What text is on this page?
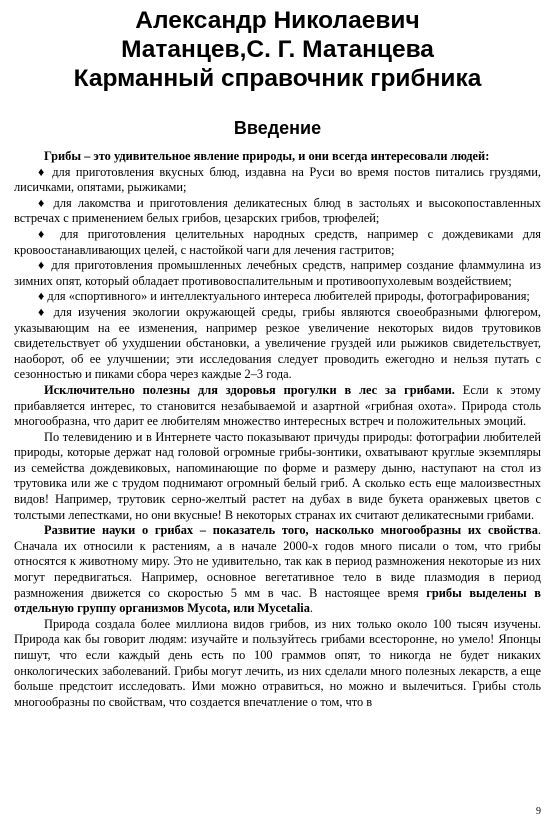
Александр Николаевич
Матанцев,С. Г. Матанцева
Карманный справочник грибника
Введение

Грибы – это удивительное явление природы, и они всегда интересовали людей:

♦ для приготовления вкусных блюд, издавна на Руси во время постов питались груздями, лисичками, опятами, рыжиками;

♦ для лакомства и приготовления деликатесных блюд в застольях и высокопоставленных встречах с применением белых грибов, цезарских грибов, трюфелей;

♦ для приготовления целительных народных средств, например с дождевиками для кровоостанавливающих целей, с настойкой чаги для лечения гастритов;

♦ для приготовления промышленных лечебных средств, например создание фламмулина из зимних опят, который обладает противовоспалительным и противоопухолевым воздействием;

♦ для «спортивного» и интеллектуального интереса любителей природы, фотографирования;

♦ для изучения экологии окружающей среды, грибы являются своеобразными флюгером, указывающим на ее изменения, например резкое увеличение некоторых видов трутовиков свидетельствует об ухудшении обстановки, а увеличение груздей или рыжиков свидетельствует, наоборот, об ее улучшении; эти исследования следует проводить ежегодно и нельзя путать с сезонностью и пиками сбора через каждые 2–3 года.

Исключительно полезны для здоровья прогулки в лес за грибами. Если к этому прибавляется интерес, то становится незабываемой и азартной «грибная охота». Природа столь многообразна, что дарит ее любителям множество интересных встреч и положительных эмоций.

По телевидению и в Интернете часто показывают причуды природы: фотографии любителей природы, которые держат над головой огромные грибы-зонтики, охватывают круглые экземпляры из семейства дождевиковых, напоминающие по форме и размеру дыню, наступают на стол из трутовика или же с трудом поднимают огромный белый гриб. А сколько есть еще малоизвестных видов! Например, трутовик серно-желтый растет на дубах в виде букета оранжевых цветов с толстыми лепестками, но они вкусные! В некоторых странах их считают деликатесными грибами.

Развитие науки о грибах – показатель того, насколько многообразны их свойства. Сначала их относили к растениям, а в начале 2000-х годов много писали о том, что грибы относятся к животному миру. Это не удивительно, так как в период размножения некоторые из них могут передвигаться. Например, основное вегетативное тело в виде плазмодия в период размножения движется со скоростью 5 мм в час. В настоящее время грибы выделены в отдельную группу организмов Mycota, или Mycetalia.

Природа создала более миллиона видов грибов, из них только около 100 тысяч изучены. Природа как бы говорит людям: изучайте и пользуйтесь грибами всесторонне, но умело! Японцы пишут, что если каждый день есть по 100 граммов опят, то никогда не будет никаких онкологических заболеваний. Грибы могут лечить, из них сделали много полезных лекарств, а еще больше предстоит исследовать. Ими можно отравиться, но можно и вылечиться. Грибы столь многообразны по свойствам, что создается впечатление о том, что в

9
